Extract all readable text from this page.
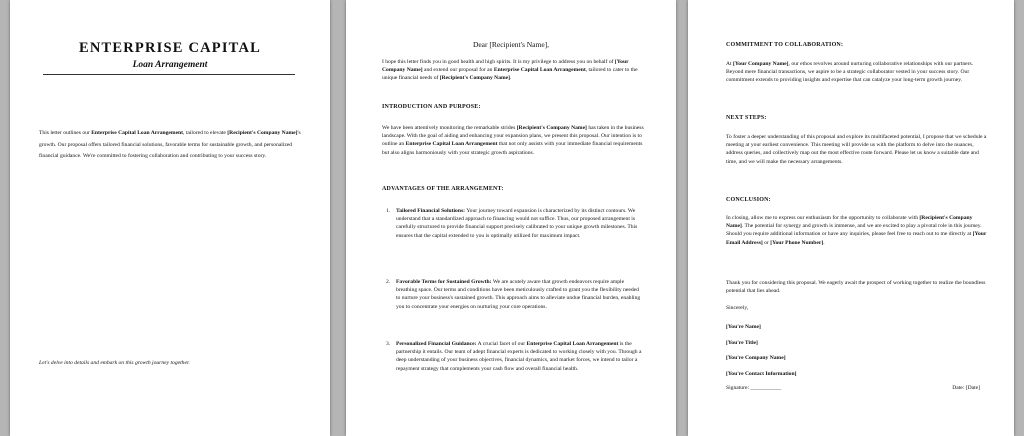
ENTERPRISE CAPITAL
Loan Arrangement

This letter outlines our Enterprise Capital Loan Arrangement, tailored to elevate [Recipient's Company Name]'s growth. Our proposal offers tailored financial solutions, favorable terms for sustainable growth, and personalized financial guidance. We're committed to fostering collaboration and contributing to your success story.

Let's delve into details and embark on this growth journey together.

Dear [Recipient's Name],

I hope this letter finds you in good health and high spirits. It is my privilege to address you on behalf of [Your Company Name] and extend our proposal for an Enterprise Capital Loan Arrangement, tailored to cater to the unique financial needs of [Recipient's Company Name].

INTRODUCTION AND PURPOSE:

We have been attentively monitoring the remarkable strides [Recipient's Company Name] has taken in the business landscape. With the goal of aiding and enhancing your expansion plans, we present this proposal. Our intention is to outline an Enterprise Capital Loan Arrangement that not only assists with your immediate financial requirements but also aligns harmoniously with your strategic growth aspirations.

ADVANTAGES OF THE ARRANGEMENT:

1. Tailored Financial Solutions: Your journey toward expansion is characterized by its distinct contours. We understand that a standardized approach to financing would not suffice. Thus, our proposed arrangement is carefully structured to provide financial support precisely calibrated to your unique growth milestones. This ensures that the capital extended to you is optimally utilized for maximum impact.

2. Favorable Terms for Sustained Growth: We are acutely aware that growth endeavors require ample breathing space. Our terms and conditions have been meticulously crafted to grant you the flexibility needed to nurture your business's sustained growth. This approach aims to alleviate undue financial burden, enabling you to concentrate your energies on nurturing your core operations.

3. Personalized Financial Guidance: A crucial facet of our Enterprise Capital Loan Arrangement is the partnership it entails. Our team of adept financial experts is dedicated to working closely with you. Through a deep understanding of your business objectives, financial dynamics, and market forces, we intend to tailor a repayment strategy that complements your cash flow and overall financial health.

COMMITMENT TO COLLABORATION:

At [Your Company Name], our ethos revolves around nurturing collaborative relationships with our partners. Beyond mere financial transactions, we aspire to be a strategic collaborator vested in your success story. Our commitment extends to providing insights and expertise that can catalyze your long-term growth journey.

NEXT STEPS:

To foster a deeper understanding of this proposal and explore its multifaceted potential, I propose that we schedule a meeting at your earliest convenience. This meeting will provide us with the platform to delve into the nuances, address queries, and collectively map out the most effective route forward. Please let us know a suitable date and time, and we will make the necessary arrangements.

CONCLUSION:

In closing, allow me to express our enthusiasm for the opportunity to collaborate with [Recipient's Company Name]. The potential for synergy and growth is immense, and we are excited to play a pivotal role in this journey. Should you require additional information or have any inquiries, please feel free to reach out to me directly at [Your Email Address] or [Your Phone Number].

Thank you for considering this proposal. We eagerly await the prospect of working together to realize the boundless potential that lies ahead.

Sincerely,

[You're Name]

[You're Title]

[You're Company Name]

[You're Contact Information]

Signature: ___________	Date: [Date]
